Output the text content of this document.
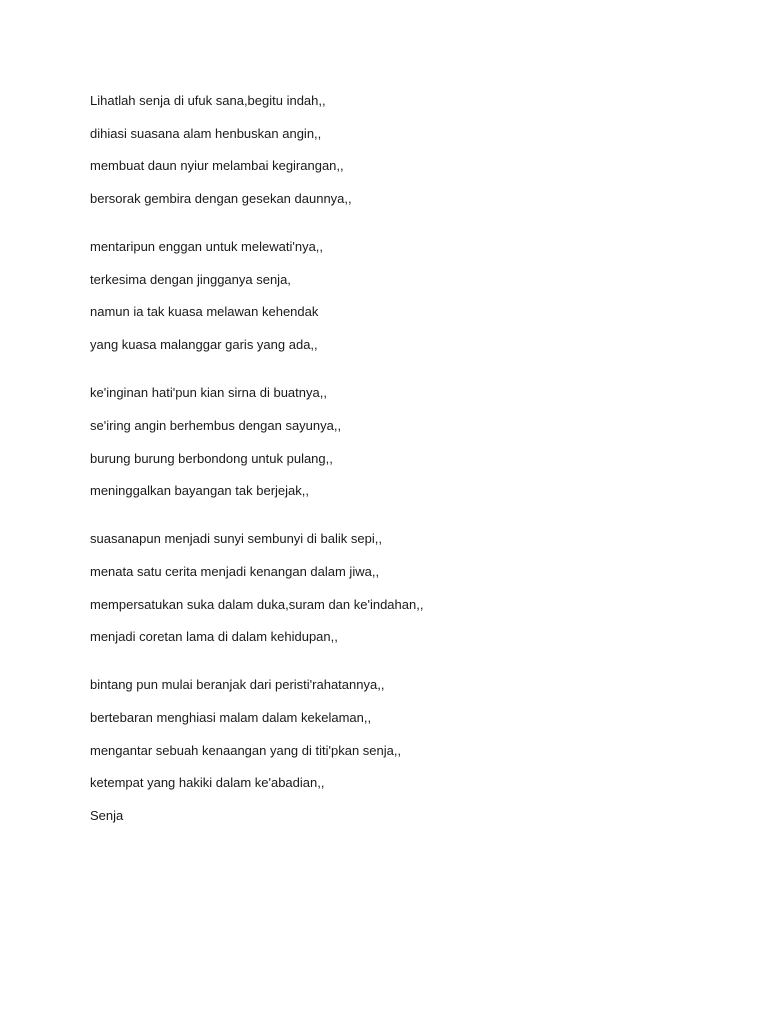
Lihatlah senja di ufuk sana,begitu indah,,
dihiasi suasana alam henbuskan angin,,
membuat daun nyiur melambai kegirangan,,
bersorak gembira dengan gesekan daunnya,,
mentaripun enggan untuk melewati'nya,,
terkesima dengan jingganya senja,
namun ia tak kuasa melawan kehendak
yang kuasa malanggar garis yang ada,,
ke'inginan hati'pun kian sirna di buatnya,,
se'iring angin berhembus dengan sayunya,,
burung burung berbondong untuk pulang,,
meninggalkan bayangan tak berjejak,,
suasanapun menjadi sunyi sembunyi di balik sepi,,
menata satu cerita menjadi kenangan dalam jiwa,,
mempersatukan suka dalam duka,suram dan ke'indahan,,
menjadi coretan lama di dalam kehidupan,,
bintang pun mulai beranjak dari peristi'rahatannya,,
bertebaran menghiasi malam dalam kekelaman,,
mengantar sebuah kenaangan yang di titi'pkan senja,,
ketempat yang hakiki dalam ke'abadian,,
Senja
